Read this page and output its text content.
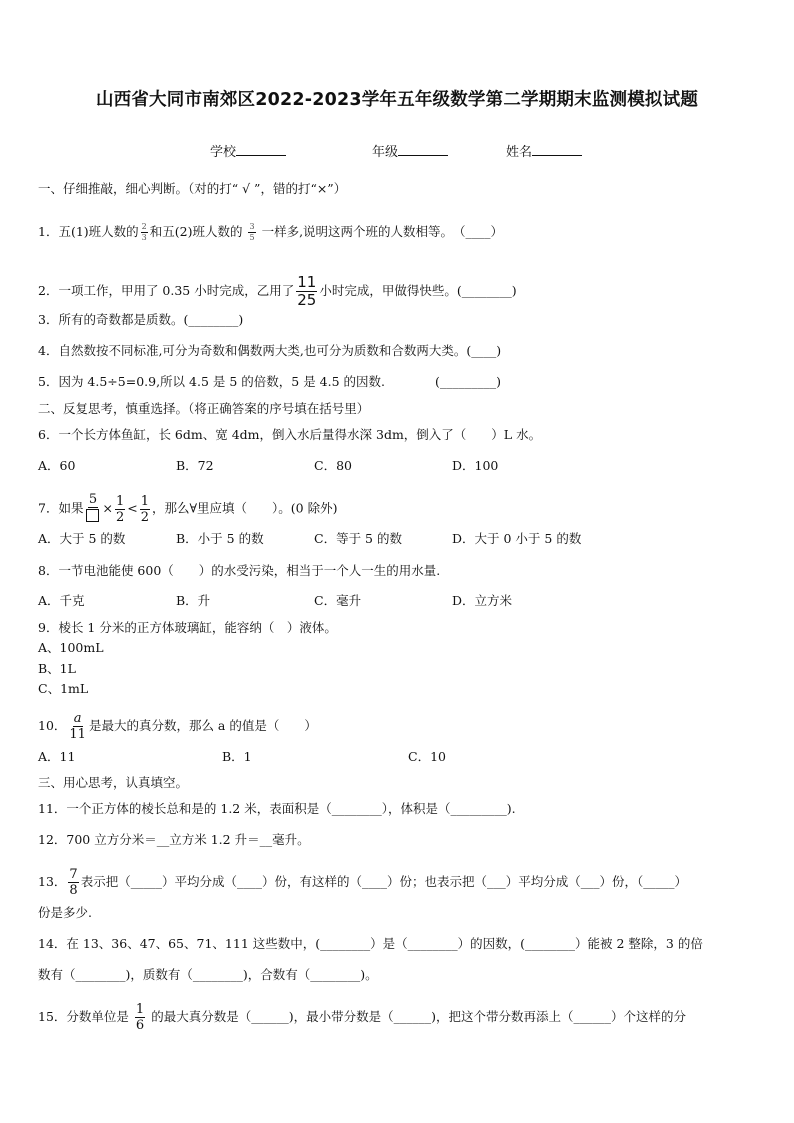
山西省大同市南郊区2022-2023学年五年级数学第二学期期末监测模拟试题
学校	年级	姓名
一、仔细推敲，细心判断。（对的打“ √ ”，错的打“×”）
1．五(1)班人数的 $\frac{2}{3}$ 和五(2)班人数的 $\frac{3}{5}$ 一样多,说明这两个班的人数相等。　（____）
2．一项工作，甲用了 0.35 小时完成，乙用了 $\frac{11}{25}$ 小时完成，甲做得快些。(________)
3．所有的奇数都是质数。(________)
4．自然数按不同标准,可分为奇数和偶数两大类,也可分为质数和合数两大类。(____)
5．因为 4.5÷5=0.9,所以 4.5 是 5 的倍数，5 是 4.5 的因数.　　　　(_________)
二、反复思考，慎重选择。（将正确答案的序号填在括号里）
6．一个长方体鱼缸，长 6dm、宽 4dm，倒入水后量得水深 3dm，倒入了（　　）L 水。
A．60	B．72	C．80	D．100
7．如果
5
× $\frac{1}{2} < \frac{1}{2}$ ，那么∀里应填（　　）。(0 除外)
A．大于 5 的数	B．小于 5 的数	C．等于 5 的数	D．大于 0 小于 5 的数
8．一节电池能使 600（　　）的水受污染，相当于一个人一生的用水量.
A．千克	B．升	C．毫升	D．立方米
9．棱长 1 分米的正方体玻璃缸，能容纳（　）液体。
A、100mL
B、1L
C、1mL
10． $\frac{a}{11}$ 是最大的真分数，那么 a 的值是（　　）
A．11	B．1	C．10
三、用心思考，认真填空。
11．一个正方体的棱长总和是的 1.2 米，表面积是（________），体积是（_________).
12．700 立方分米＝__立方米 1.2 升＝__毫升。
13． $\frac{7}{8}$ 表示把（_____）平均分成（____）份，有这样的（____）份；也表示把（___）平均分成（___）份，（_____）
份是多少.
14．在 13、36、47、65、71、111 这些数中，(________）是（________）的因数，(________）能被 2 整除，3 的倍
数有（________)，质数有（________)，合数有（________)。
15．分数单位是 $\frac{1}{6}$ 的最大真分数是（______)，最小带分数是（______)，把这个带分数再添上（______）个这样的分
